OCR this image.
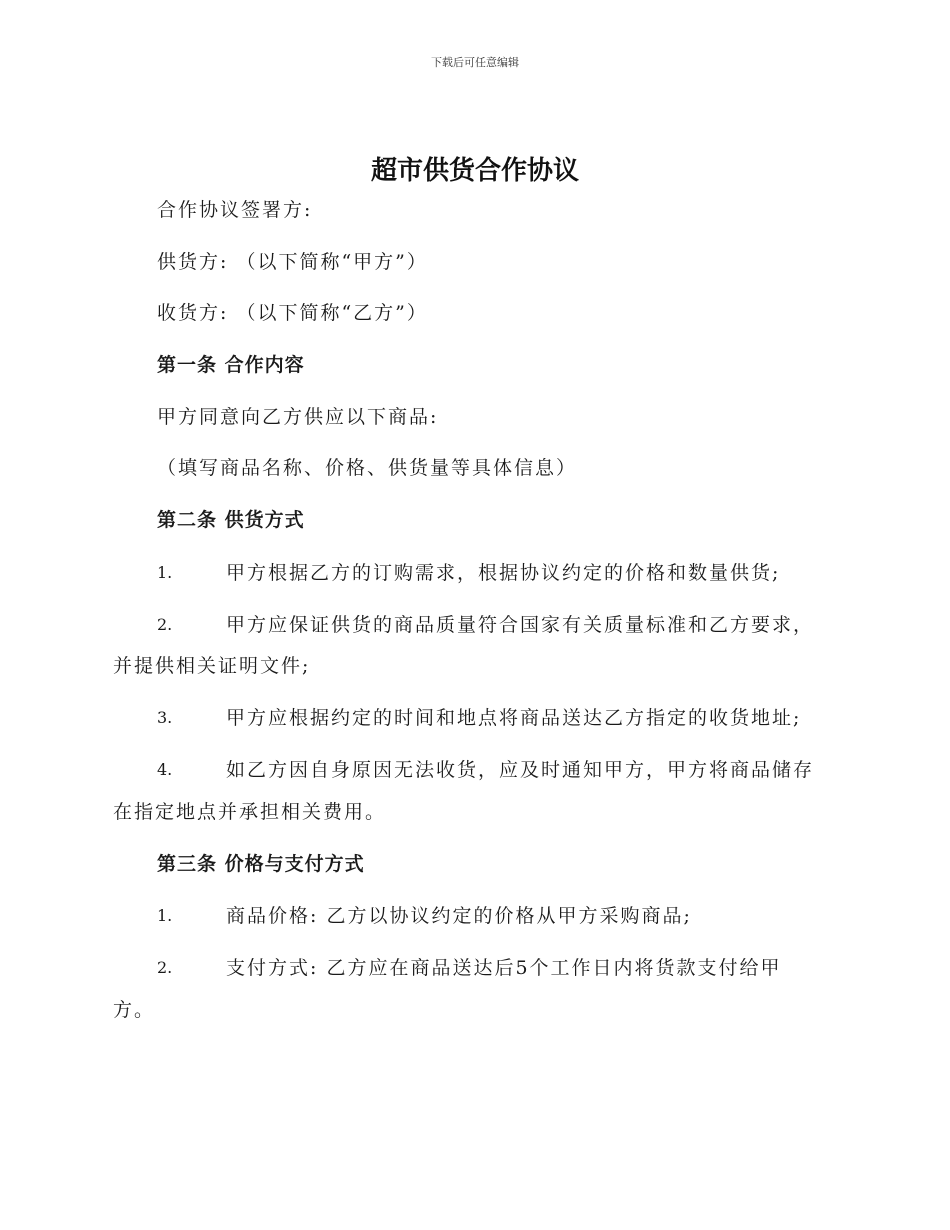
下载后可任意编辑
超市供货合作协议
合作协议签署方:
供货方: （以下简称“甲方”）
收货方: （以下简称“乙方”）
第一条 合作内容
甲方同意向乙方供应以下商品:
（填写商品名称、价格、供货量等具体信息）
第二条 供货方式
1.	甲方根据乙方的订购需求，根据协议约定的价格和数量供货;
2.	甲方应保证供货的商品质量符合国家有关质量标准和乙方要求，
并提供相关证明文件;
3.	甲方应根据约定的时间和地点将商品送达乙方指定的收货地址;
4.	如乙方因自身原因无法收货，应及时通知甲方，甲方将商品储存
在指定地点并承担相关费用。
第三条 价格与支付方式
1.	商品价格: 乙方以协议约定的价格从甲方采购商品;
2.	支付方式: 乙方应在商品送达后5个工作日内将货款支付给甲
方。
